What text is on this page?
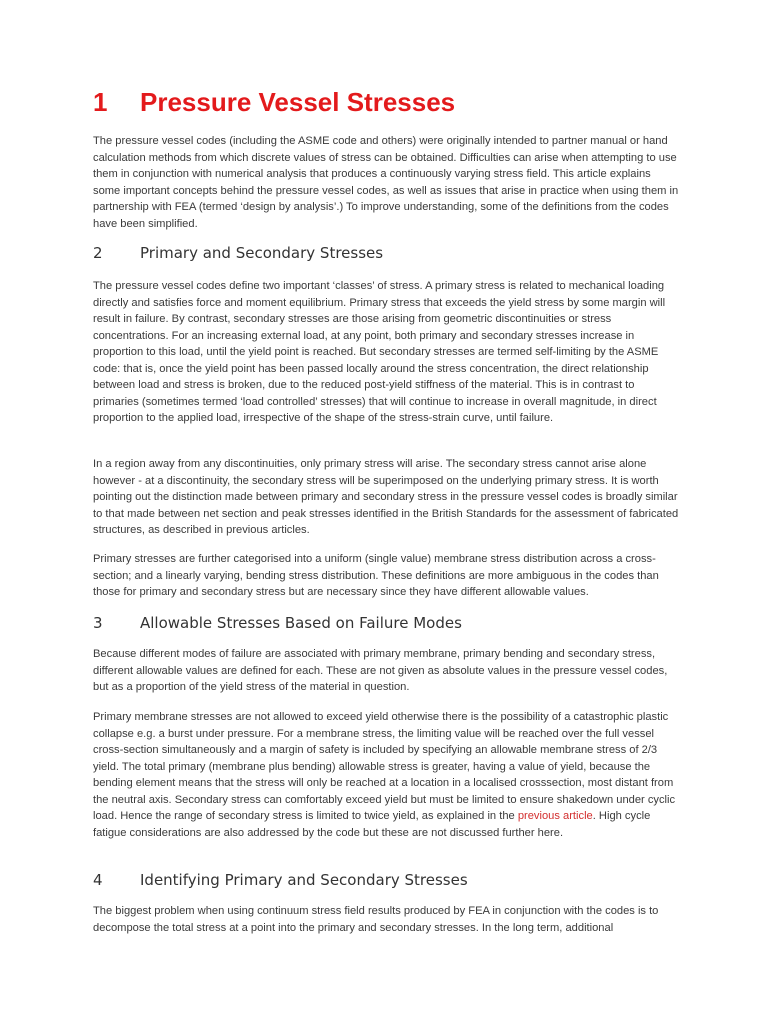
1 Pressure Vessel Stresses

The pressure vessel codes (including the ASME code and others) were originally intended to partner manual or hand calculation methods from which discrete values of stress can be obtained. Difficulties can arise when attempting to use them in conjunction with numerical analysis that produces a continuously varying stress field. This article explains some important concepts behind the pressure vessel codes, as well as issues that arise in practice when using them in partnership with FEA (termed ‘design by analysis’.) To improve understanding, some of the definitions from the codes have been simplified.

2 Primary and Secondary Stresses

The pressure vessel codes define two important ‘classes’ of stress. A primary stress is related to mechanical loading directly and satisfies force and moment equilibrium. Primary stress that exceeds the yield stress by some margin will result in failure. By contrast, secondary stresses are those arising from geometric discontinuities or stress concentrations. For an increasing external load, at any point, both primary and secondary stresses increase in proportion to this load, until the yield point is reached. But secondary stresses are termed self-limiting by the ASME code: that is, once the yield point has been passed locally around the stress concentration, the direct relationship between load and stress is broken, due to the reduced post-yield stiffness of the material. This is in contrast to primaries (sometimes termed ‘load controlled’ stresses) that will continue to increase in overall magnitude, in direct proportion to the applied load, irrespective of the shape of the stress-strain curve, until failure.

In a region away from any discontinuities, only primary stress will arise. The secondary stress cannot arise alone however - at a discontinuity, the secondary stress will be superimposed on the underlying primary stress. It is worth pointing out the distinction made between primary and secondary stress in the pressure vessel codes is broadly similar to that made between net section and peak stresses identified in the British Standards for the assessment of fabricated structures, as described in previous articles.

Primary stresses are further categorised into a uniform (single value) membrane stress distribution across a cross-section; and a linearly varying, bending stress distribution. These definitions are more ambiguous in the codes than those for primary and secondary stress but are necessary since they have different allowable values.

3 Allowable Stresses Based on Failure Modes

Because different modes of failure are associated with primary membrane, primary bending and secondary stress, different allowable values are defined for each. These are not given as absolute values in the pressure vessel codes, but as a proportion of the yield stress of the material in question.

Primary membrane stresses are not allowed to exceed yield otherwise there is the possibility of a catastrophic plastic collapse e.g. a burst under pressure. For a membrane stress, the limiting value will be reached over the full vessel cross-section simultaneously and a margin of safety is included by specifying an allowable membrane stress of 2/3 yield. The total primary (membrane plus bending) allowable stress is greater, having a value of yield, because the bending element means that the stress will only be reached at a location in a localised crosssection, most distant from the neutral axis. Secondary stress can comfortably exceed yield but must be limited to ensure shakedown under cyclic load. Hence the range of secondary stress is limited to twice yield, as explained in the previous article. High cycle fatigue considerations are also addressed by the code but these are not discussed further here.

4 Identifying Primary and Secondary Stresses

The biggest problem when using continuum stress field results produced by FEA in conjunction with the codes is to decompose the total stress at a point into the primary and secondary stresses. In the long term, additional
